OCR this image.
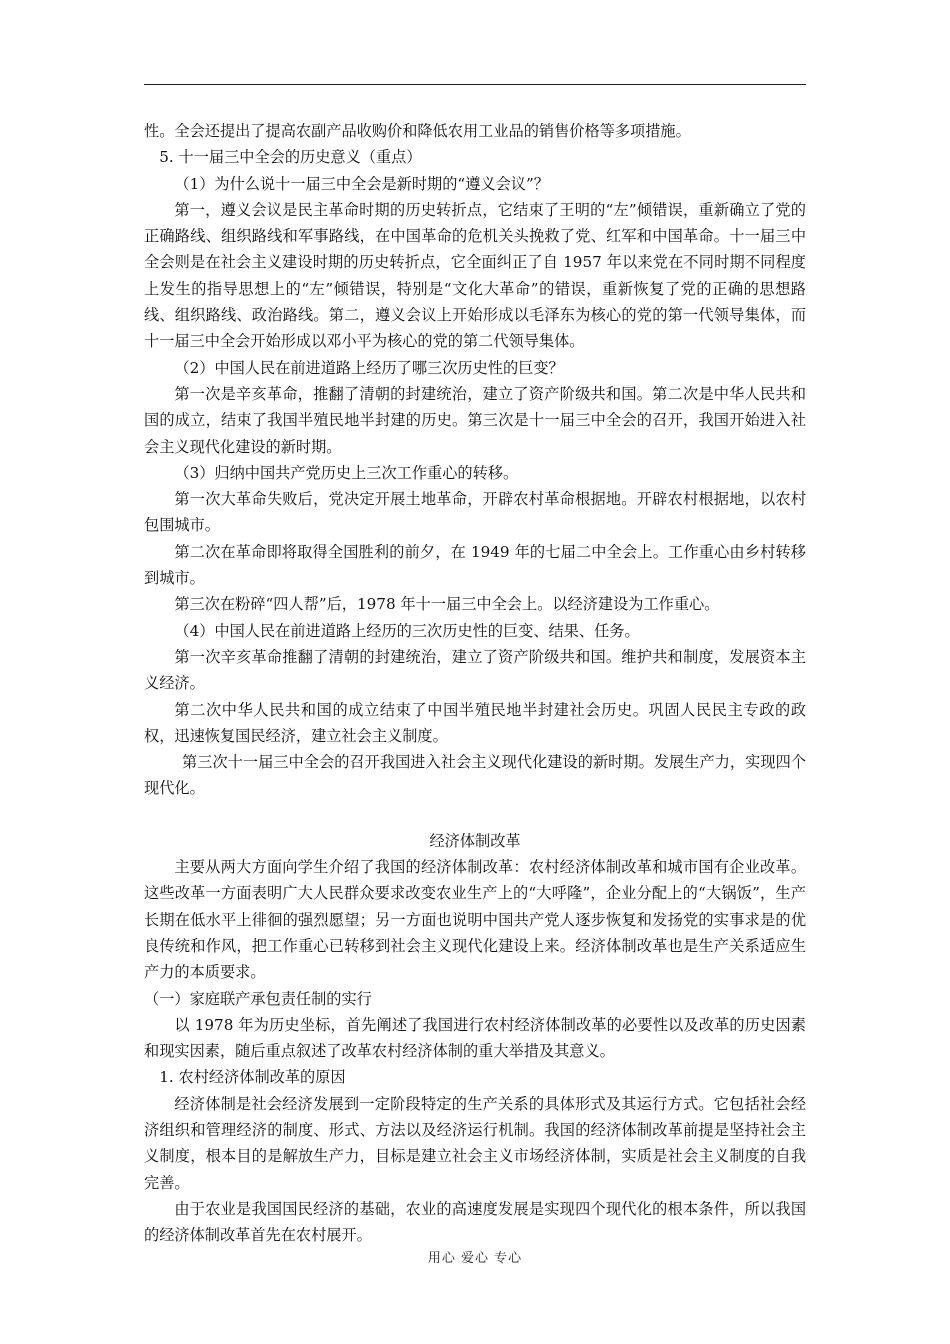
性。全会还提出了提高农副产品收购价和降低农用工业品的销售价格等多项措施。

5. 十一届三中全会的历史意义（重点）

（1）为什么说十一届三中全会是新时期的“遵义会议”？

第一，遵义会议是民主革命时期的历史转折点，它结束了王明的“左”倾错误，重新确立了党的正确路线、组织路线和军事路线，在中国革命的危机关头挽救了党、红军和中国革命。十一届三中全会则是在社会主义建设时期的历史转折点，它全面纠正了自 1957 年以来党在不同时期不同程度上发生的指导思想上的“左”倾错误，特别是“文化大革命”的错误，重新恢复了党的正确的思想路线、组织路线、政治路线。第二，遵义会议上开始形成以毛泽东为核心的党的第一代领导集体，而十一届三中全会开始形成以邓小平为核心的党的第二代领导集体。

（2）中国人民在前进道路上经历了哪三次历史性的巨变？

第一次是辛亥革命，推翻了清朝的封建统治，建立了资产阶级共和国。第二次是中华人民共和国的成立，结束了我国半殖民地半封建的历史。第三次是十一届三中全会的召开，我国开始进入社会主义现代化建设的新时期。

（3）归纳中国共产党历史上三次工作重心的转移。

第一次大革命失败后，党决定开展土地革命，开辟农村革命根据地。开辟农村根据地，以农村包围城市。

第二次在革命即将取得全国胜利的前夕，在 1949 年的七届二中全会上。工作重心由乡村转移到城市。

第三次在粉碎“四人帮”后，1978 年十一届三中全会上。以经济建设为工作重心。

（4）中国人民在前进道路上经历的三次历史性的巨变、结果、任务。

第一次辛亥革命推翻了清朝的封建统治，建立了资产阶级共和国。维护共和制度，发展资本主义经济。

第二次中华人民共和国的成立结束了中国半殖民地半封建社会历史。巩固人民民主专政的政权，迅速恢复国民经济，建立社会主义制度。

第三次十一届三中全会的召开我国进入社会主义现代化建设的新时期。发展生产力，实现四个现代化。

经济体制改革

主要从两大方面向学生介绍了我国的经济体制改革：农村经济体制改革和城市国有企业改革。这些改革一方面表明广大人民群众要求改变农业生产上的“大呼隆”，企业分配上的“大锅饭”，生产长期在低水平上徘徊的强烈愿望；另一方面也说明中国共产党人逐步恢复和发扬党的实事求是的优良传统和作风，把工作重心已转移到社会主义现代化建设上来。经济体制改革也是生产关系适应生产力的本质要求。

（一）家庭联产承包责任制的实行

以 1978 年为历史坐标，首先阐述了我国进行农村经济体制改革的必要性以及改革的历史因素和现实因素，随后重点叙述了改革农村经济体制的重大举措及其意义。

1. 农村经济体制改革的原因

经济体制是社会经济发展到一定阶段特定的生产关系的具体形式及其运行方式。它包括社会经济组织和管理经济的制度、形式、方法以及经济运行机制。我国的经济体制改革前提是坚持社会主义制度，根本目的是解放生产力，目标是建立社会主义市场经济体制，实质是社会主义制度的自我完善。

由于农业是我国国民经济的基础，农业的高速度发展是实现四个现代化的根本条件，所以我国的经济体制改革首先在农村展开。

用心 爱心 专心
